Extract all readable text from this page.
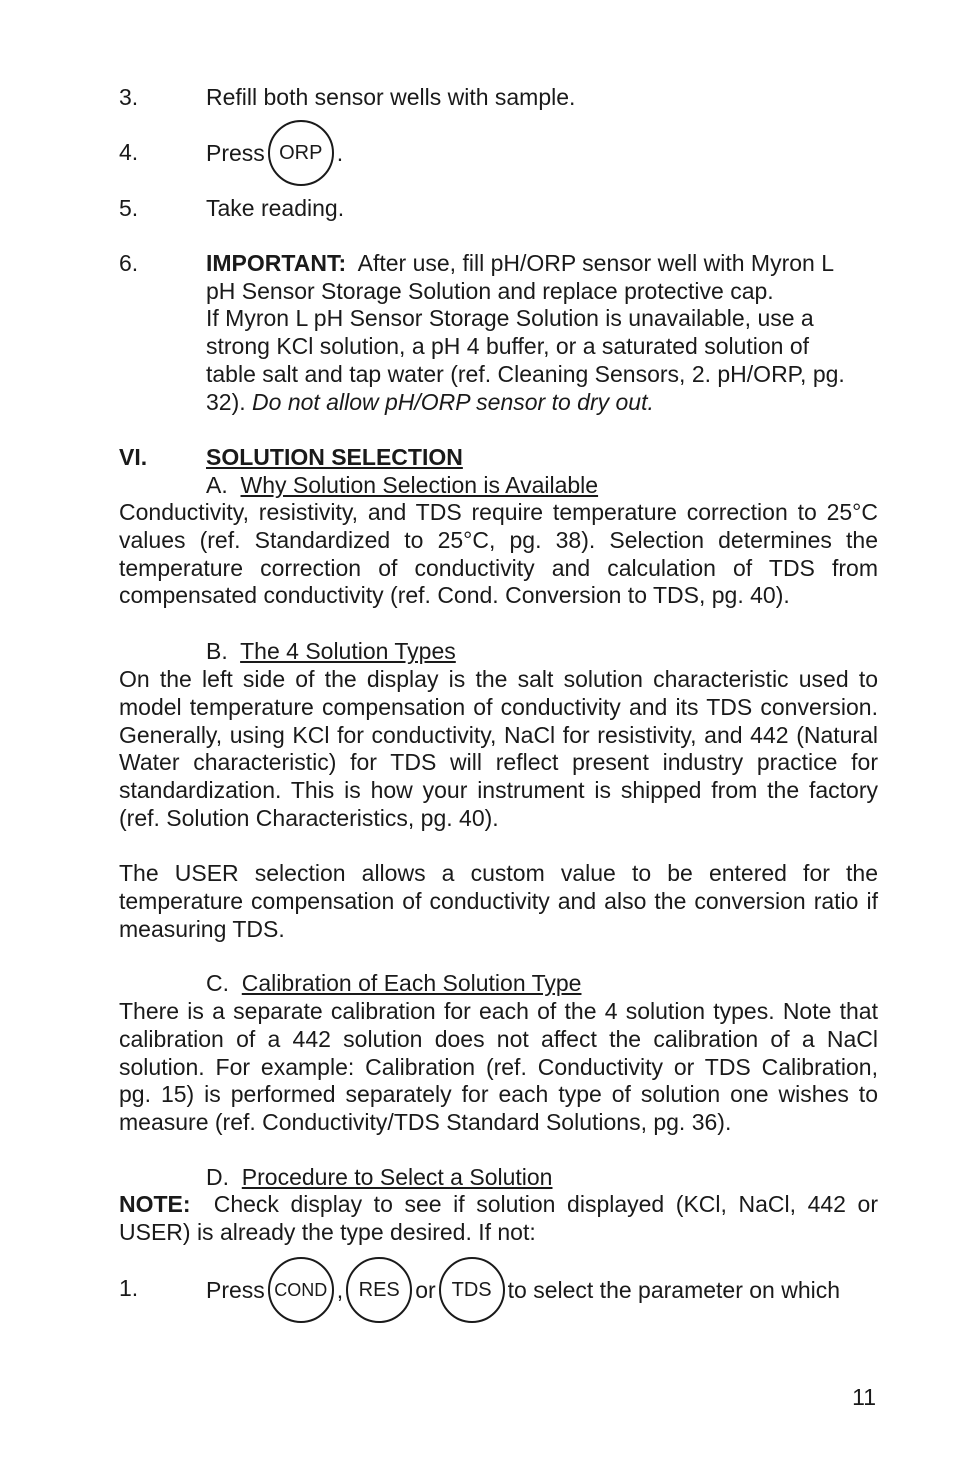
3.	Refill both sensor wells with sample.
4.	Press ORP .
5.	Take reading.
6.	IMPORTANT: After use, fill pH/ORP sensor well with Myron L
pH Sensor Storage Solution and replace protective cap.
If Myron L pH Sensor Storage Solution is unavailable, use a
strong KCl solution, a pH 4 buffer, or a saturated solution of
table salt and tap water (ref. Cleaning Sensors, 2. pH/ORP, pg.
32). Do not allow pH/ORP sensor to dry out.
VI.	SOLUTION SELECTION
A. Why Solution Selection is Available
Conductivity, resistivity, and TDS require temperature correction to 25°C values (ref. Standardized to 25°C, pg. 38). Selection determines the temperature correction of conductivity and calculation of TDS from compensated conductivity (ref. Cond. Conversion to TDS, pg. 40).
B. The 4 Solution Types
On the left side of the display is the salt solution characteristic used to model temperature compensation of conductivity and its TDS conversion. Generally, using KCl for conductivity, NaCl for resistivity, and 442 (Natural Water characteristic) for TDS will reflect present industry practice for standardization. This is how your instrument is shipped from the factory (ref. Solution Characteristics, pg. 40).
The USER selection allows a custom value to be entered for the temperature compensation of conductivity and also the conversion ratio if measuring TDS.
C. Calibration of Each Solution Type
There is a separate calibration for each of the 4 solution types. Note that calibration of a 442 solution does not affect the calibration of a NaCl solution. For example: Calibration (ref. Conductivity or TDS Calibration, pg. 15) is performed separately for each type of solution one wishes to measure (ref. Conductivity/TDS Standard Solutions, pg. 36).
D. Procedure to Select a Solution
NOTE: Check display to see if solution displayed (KCl, NaCl, 442 or USER) is already the type desired. If not:
1.	Press COND , RES or TDS to select the parameter on which
11
